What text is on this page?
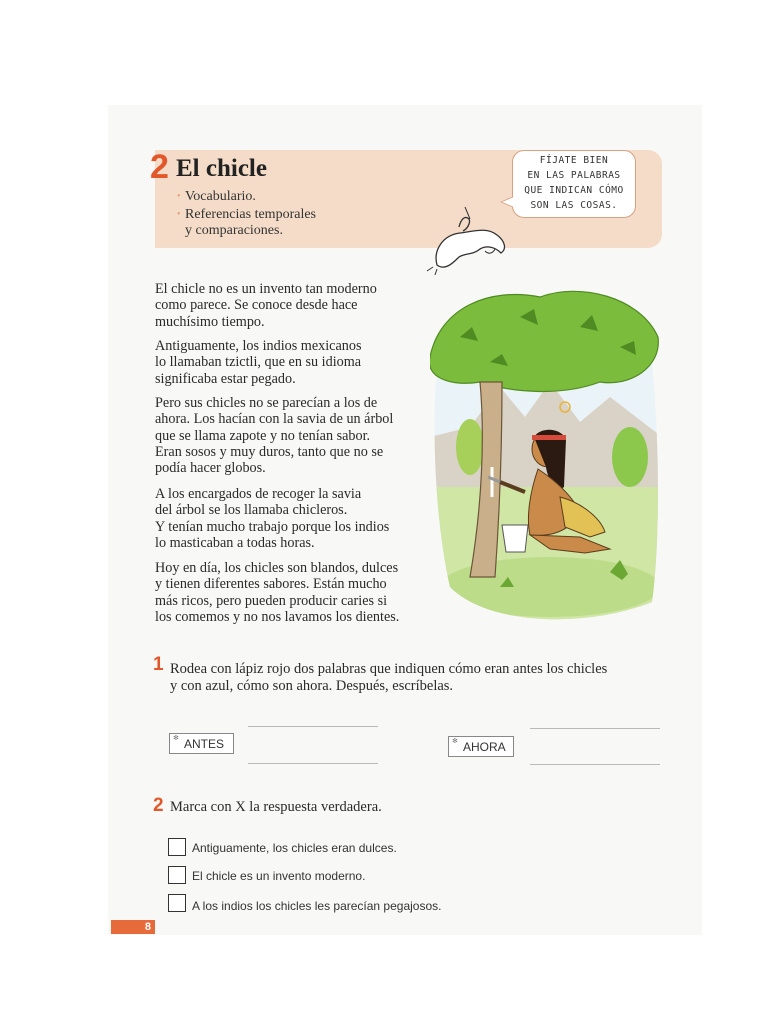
2 El chicle
• Vocabulario.
• Referencias temporales
y comparaciones.
FÍJATE BIEN
EN LAS PALABRAS
QUE INDICAN CÓMO
SON LAS COSAS.

El chicle no es un invento tan moderno

como parece. Se conoce desde hace

muchísimo tiempo.

Antiguamente, los indios mexicanos

lo llamaban tzictli, que en su idioma

significaba estar pegado.

Pero sus chicles no se parecían a los de

ahora. Los hacían con la savia de un árbol

que se llama zapote y no tenían sabor.

Eran sosos y muy duros, tanto que no se

podía hacer globos.

A los encargados de recoger la savia

del árbol se los llamaba chicleros.

Y tenían mucho trabajo porque los indios

lo masticaban a todas horas.

Hoy en día, los chicles son blandos, dulces

y tienen diferentes sabores. Están mucho

más ricos, pero pueden producir caries si

los comemos y no nos lavamos los dientes.

1 Rodea con lápiz rojo dos palabras que indiquen cómo eran antes los chicles
y con azul, cómo son ahora. Después, escríbelas.
✻ ANTES
✻	AHORA
2 Marca con X la respuesta verdadera.
Antiguamente, los chicles eran dulces.
El chicle es un invento moderno.
A los indios los chicles les parecían pegajosos.
8
